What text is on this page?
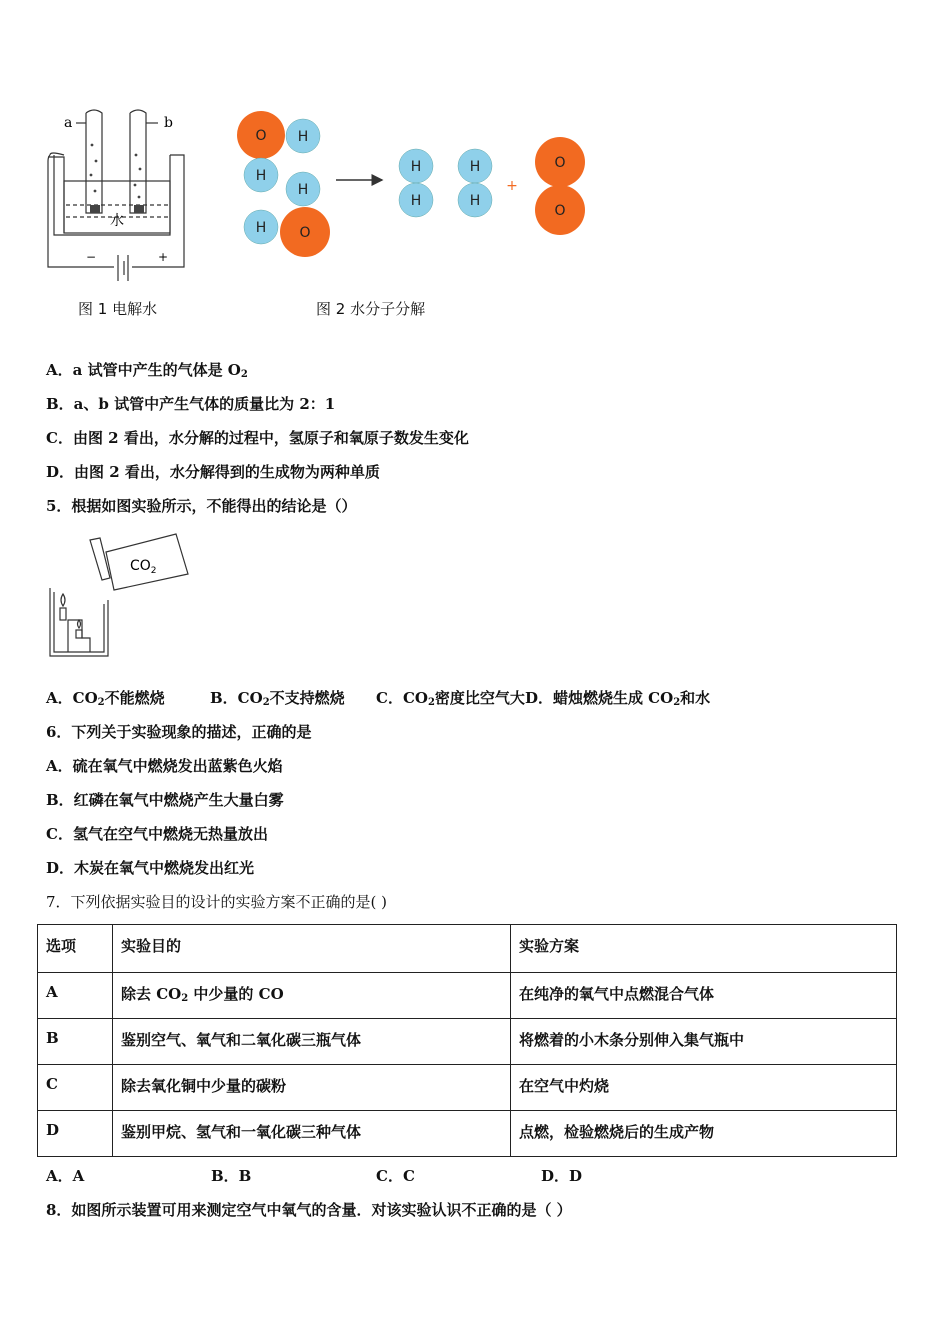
a	b
水
−	+
图 1 电解水
O H
H
H
H O
H
H
H
H
+
O
O
图 2 水分子分解
A．a 试管中产生的气体是 $O_2$
B．a、b 试管中产生气体的质量比为 2：1
C．由图 2 看出，水分解的过程中，氢原子和氧原子数发生变化
D．由图 2 看出，水分解得到的生成物为两种单质
5．根据如图实验所示，不能得出的结论是（）
$CO_2$
A．$CO_2$不能燃烧	B．$CO_2$不支持燃烧 C．$CO_2$密度比空气大D．蜡烛燃烧生成 $CO_2$和水
6．下列关于实验现象的描述，正确的是
A．硫在氧气中燃烧发出蓝紫色火焰
B．红磷在氧气中燃烧产生大量白雾
C．氢气在空气中燃烧无热量放出
D．木炭在氧气中燃烧发出红光
7．下列依据实验目的设计的实验方案不正确的是( )
选项	实验目的	实验方案
A	除去 $CO_2$ 中少量的 CO	在纯净的氧气中点燃混合气体
B	鉴别空气、氧气和二氧化碳三瓶气体	将燃着的小木条分别伸入集气瓶中
C	除去氧化铜中少量的碳粉	在空气中灼烧
D	鉴别甲烷、氢气和一氧化碳三种气体	点燃，检验燃烧后的生成产物
A．A	B．B	C．C	D．D
8．如图所示装置可用来测定空气中氧气的含量．对该实验认识不正确的是（ ）
